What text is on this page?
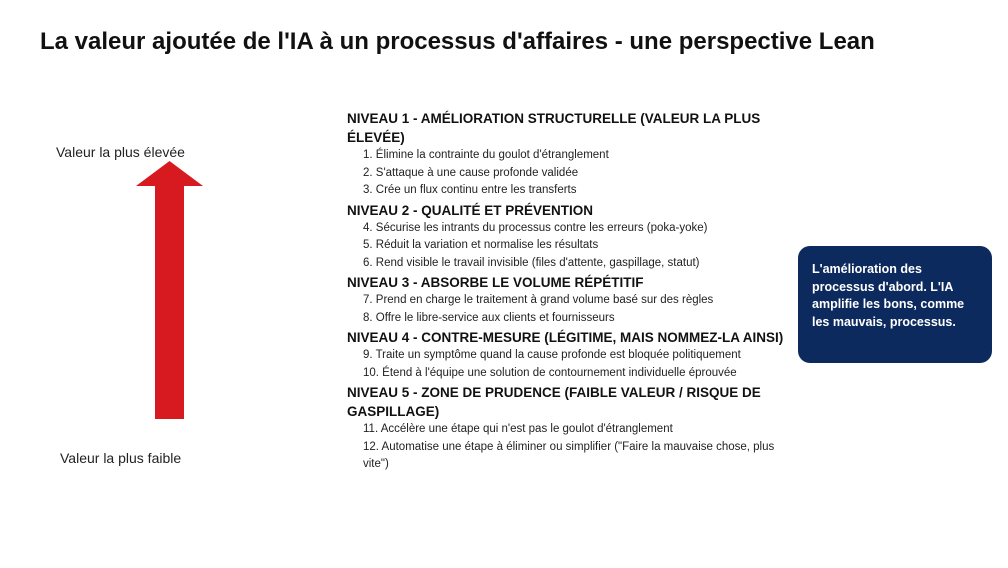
La valeur ajoutée de l'IA à un processus d'affaires - une perspective Lean
Valeur la plus élevée
Valeur la plus faible
NIVEAU 1 - AMÉLIORATION STRUCTURELLE (VALEUR LA PLUS ÉLEVÉE)
1. Élimine la contrainte du goulot d'étranglement
2. S'attaque à une cause profonde validée
3. Crée un flux continu entre les transferts
NIVEAU 2 - QUALITÉ ET PRÉVENTION
4. Sécurise les intrants du processus contre les erreurs (poka-yoke)
5. Réduit la variation et normalise les résultats
6. Rend visible le travail invisible (files d'attente, gaspillage, statut)
NIVEAU 3 - ABSORBE LE VOLUME RÉPÉTITIF
7. Prend en charge le traitement à grand volume basé sur des règles
8. Offre le libre-service aux clients et fournisseurs
NIVEAU 4 - CONTRE-MESURE (LÉGITIME, MAIS NOMMEZ-LA AINSI)
9. Traite un symptôme quand la cause profonde est bloquée politiquement
10. Étend à l'équipe une solution de contournement individuelle éprouvée
NIVEAU 5 - ZONE DE PRUDENCE (FAIBLE VALEUR / RISQUE DE GASPILLAGE)
11. Accélère une étape qui n'est pas le goulot d'étranglement
12. Automatise une étape à éliminer ou simplifier ("Faire la mauvaise chose, plus vite")
L'amélioration des processus d'abord. L'IA amplifie les bons, comme les mauvais, processus.
